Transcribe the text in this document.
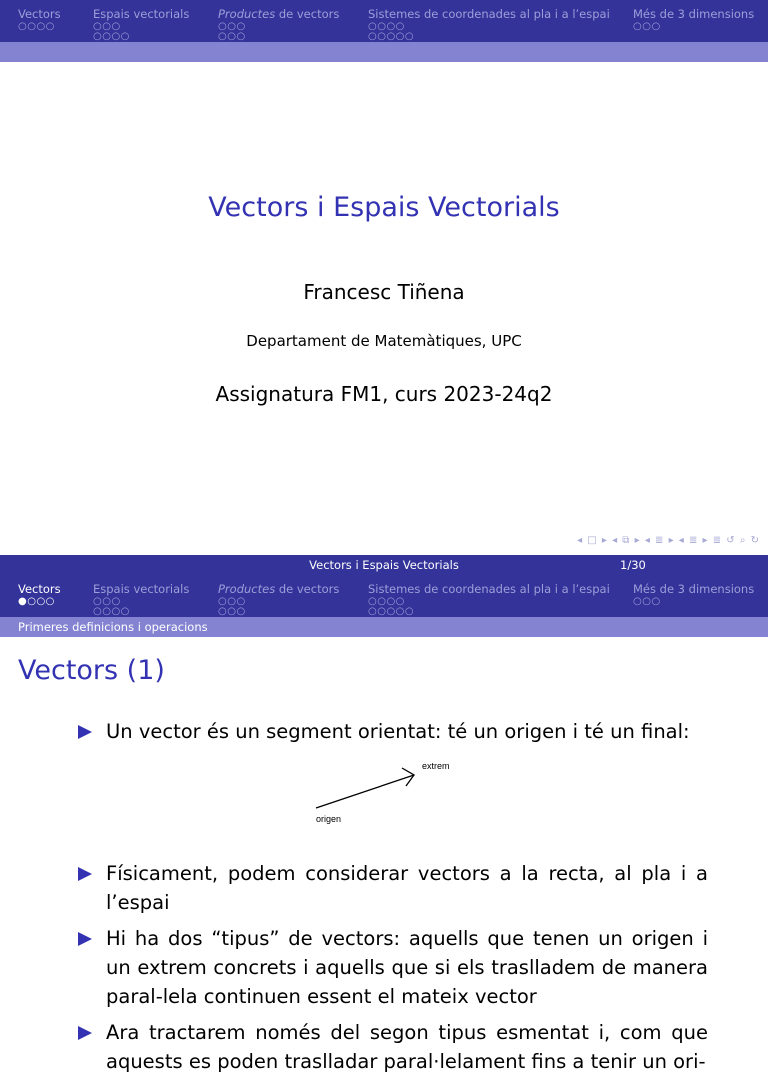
Vectors
○○○○
Espais vectorials
○○○
○○○○
Productes de vectors
○○○
○○○
Sistemes de coordenades al pla i a l’espai
○○○○
○○○○○
Més de 3 dimensions
○○○
Vectors i Espais Vectorials
Francesc Tiñena
Departament de Matemàtiques, UPC
Assignatura FM1, curs 2023-24q2
◂ □ ▸ ◂ ⧉ ▸ ◂ ≣ ▸ ◂ ≣ ▸ ≣ ↺ ⌕ ↻
Vectors i Espais Vectorials	1/30
Vectors
●○○○
Espais vectorials
○○○
○○○○
Productes de vectors
○○○
○○○
Sistemes de coordenades al pla i a l’espai
○○○○
○○○○○
Més de 3 dimensions
○○○
Primeres definicions i operacions
Vectors (1)
Un vector és un segment orientat: té un origen i té un final:
origen
extrem
Físicament, podem considerar vectors a la recta, al pla i a l’espai
Hi ha dos “tipus” de vectors: aquells que tenen un origen i un extrem concrets i aquells que si els traslladem de manera paral-lela continuen essent el mateix vector
Ara tractarem només del segon tipus esmentat i, com que aquests es poden traslladar paral·lelament fins a tenir un ori-
